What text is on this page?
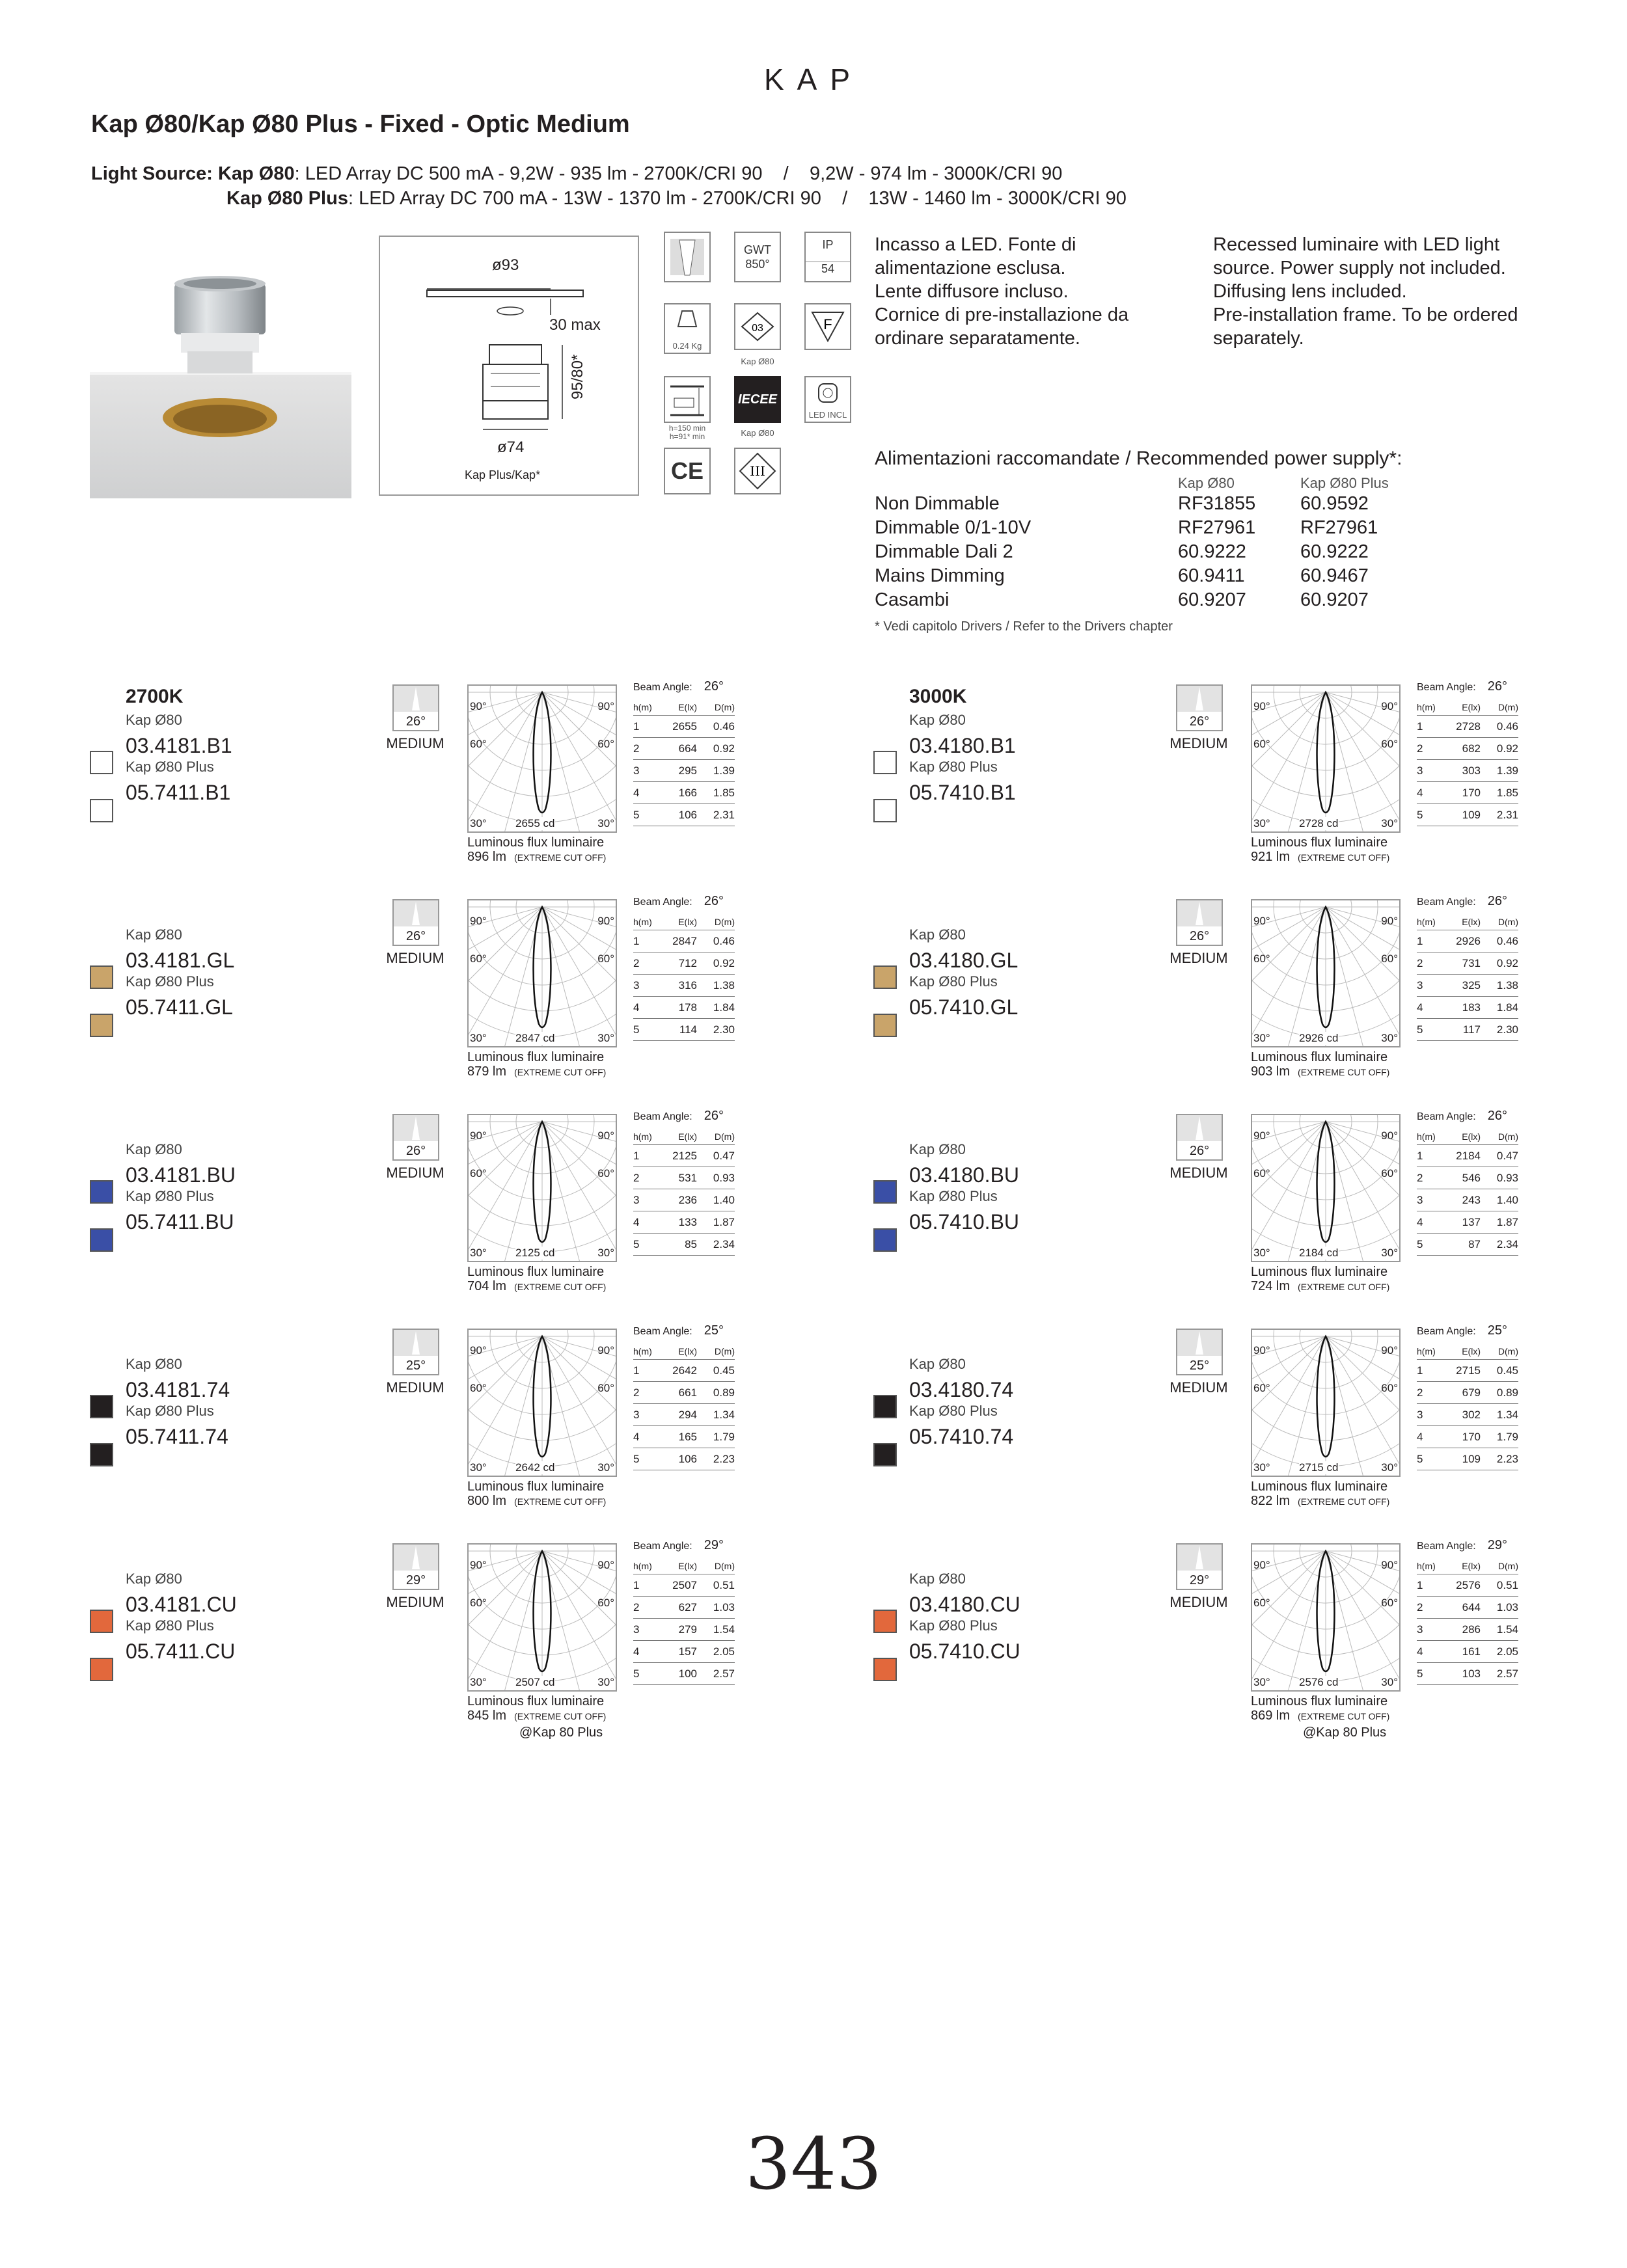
KAP
Kap Ø80/Kap Ø80 Plus - Fixed - Optic Medium
Light Source: Kap Ø80: LED Array DC 500 mA - 9,2W - 935 lm - 2700K/CRI 90    /    9,2W - 974 lm - 3000K/CRI 90
Kap Ø80 Plus: LED Array DC 700 mA - 13W - 1370 lm - 2700K/CRI 90    /    13W - 1460 lm - 3000K/CRI 90
ø93
30 max
95/80*
ø74
Kap Plus/Kap*
GWT
850°
IP
54
0.24 Kg
03
Kap Ø80
F
h=150 min
h=91* min
IECEE
Kap Ø80
LED INCL
CE	III
Incasso a LED. Fonte di
alimentazione esclusa.
Lente diffusore incluso.
Cornice di pre-installazione da
ordinare separatamente.
Recessed luminaire with LED light
source. Power supply not included.
Diffusing lens included.
Pre-installation frame. To be ordered
separately.
Alimentazioni raccomandate / Recommended power supply*:
Kap Ø80	Kap Ø80 Plus
Non Dimmable	RF31855	60.9592
Dimmable 0/1-10V	RF27961	RF27961
Dimmable Dali 2	60.9222	60.9222
Mains Dimming	60.9411	60.9467
Casambi	60.9207	60.9207
* Vedi capitolo Drivers / Refer to the Drivers chapter
2700K
Kap Ø80
03.4181.B1
Kap Ø80 Plus
05.7411.B1
26°
MEDIUM
90°	90°
60°	60°
30°	30°
2655 cd
Luminous flux luminaire
896 lm (EXTREME CUT OFF)
Beam Angle: 26°
h(m)	E(lx)	D(m)
1	2655	0.46
2	664	0.92
3	295	1.39
4	166	1.85
5	106	2.31
3000K
Kap Ø80
03.4180.B1
Kap Ø80 Plus
05.7410.B1
26°
MEDIUM
90°	90°
60°	60°
30°	30°
2728 cd
Luminous flux luminaire
921 lm (EXTREME CUT OFF)
Beam Angle: 26°
h(m)	E(lx)	D(m)
1	2728	0.46
2	682	0.92
3	303	1.39
4	170	1.85
5	109	2.31
Kap Ø80
03.4181.GL
Kap Ø80 Plus
05.7411.GL
26°
MEDIUM
90°	90°
60°	60°
30°	30°
2847 cd
Luminous flux luminaire
879 lm (EXTREME CUT OFF)
Beam Angle: 26°
h(m)	E(lx)	D(m)
1	2847	0.46
2	712	0.92
3	316	1.38
4	178	1.84
5	114	2.30
Kap Ø80
03.4180.GL
Kap Ø80 Plus
05.7410.GL
26°
MEDIUM
90°	90°
60°	60°
30°	30°
2926 cd
Luminous flux luminaire
903 lm (EXTREME CUT OFF)
Beam Angle: 26°
h(m)	E(lx)	D(m)
1	2926	0.46
2	731	0.92
3	325	1.38
4	183	1.84
5	117	2.30
Kap Ø80
03.4181.BU
Kap Ø80 Plus
05.7411.BU
26°
MEDIUM
90°	90°
60°	60°
30°	30°
2125 cd
Luminous flux luminaire
704 lm (EXTREME CUT OFF)
Beam Angle: 26°
h(m)	E(lx)	D(m)
1	2125	0.47
2	531	0.93
3	236	1.40
4	133	1.87
5	85	2.34
Kap Ø80
03.4180.BU
Kap Ø80 Plus
05.7410.BU
26°
MEDIUM
90°	90°
60°	60°
30°	30°
2184 cd
Luminous flux luminaire
724 lm (EXTREME CUT OFF)
Beam Angle: 26°
h(m)	E(lx)	D(m)
1	2184	0.47
2	546	0.93
3	243	1.40
4	137	1.87
5	87	2.34
Kap Ø80
03.4181.74
Kap Ø80 Plus
05.7411.74
25°
MEDIUM
90°	90°
60°	60°
30°	30°
2642 cd
Luminous flux luminaire
800 lm (EXTREME CUT OFF)
Beam Angle: 25°
h(m)	E(lx)	D(m)
1	2642	0.45
2	661	0.89
3	294	1.34
4	165	1.79
5	106	2.23
Kap Ø80
03.4180.74
Kap Ø80 Plus
05.7410.74
25°
MEDIUM
90°	90°
60°	60°
30°	30°
2715 cd
Luminous flux luminaire
822 lm (EXTREME CUT OFF)
Beam Angle: 25°
h(m)	E(lx)	D(m)
1	2715	0.45
2	679	0.89
3	302	1.34
4	170	1.79
5	109	2.23
Kap Ø80
03.4181.CU
Kap Ø80 Plus
05.7411.CU
29°
MEDIUM
90°	90°
60°	60°
30°	30°
2507 cd
Luminous flux luminaire
845 lm (EXTREME CUT OFF)
@Kap 80 Plus
Beam Angle: 29°
h(m)	E(lx)	D(m)
1	2507	0.51
2	627	1.03
3	279	1.54
4	157	2.05
5	100	2.57
Kap Ø80
03.4180.CU
Kap Ø80 Plus
05.7410.CU
29°
MEDIUM
90°	90°
60°	60°
30°	30°
2576 cd
Luminous flux luminaire
869 lm (EXTREME CUT OFF)
@Kap 80 Plus
Beam Angle: 29°
h(m)	E(lx)	D(m)
1	2576	0.51
2	644	1.03
3	286	1.54
4	161	2.05
5	103	2.57
343
